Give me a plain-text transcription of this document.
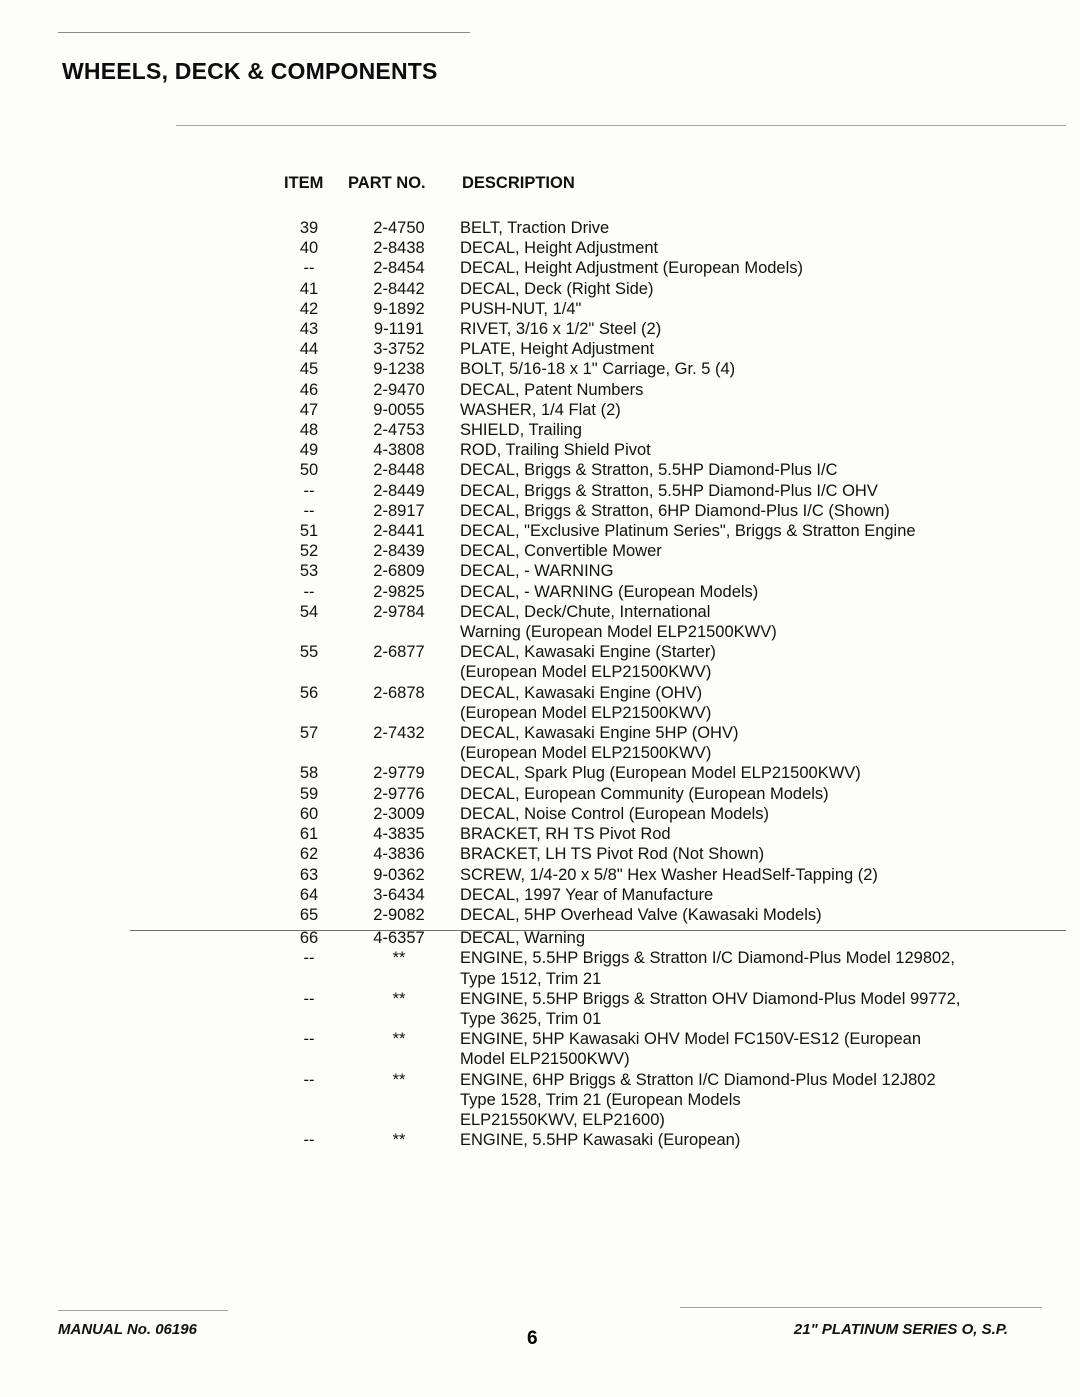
WHEELS, DECK & COMPONENTS
ITEM PART NO. DESCRIPTION
39	2-4750	BELT, Traction Drive
40	2-8438	DECAL, Height Adjustment
--	2-8454	DECAL, Height Adjustment (European Models)
41	2-8442	DECAL, Deck (Right Side)
42	9-1892	PUSH-NUT, 1/4"
43	9-1191	RIVET, 3/16 x 1/2" Steel (2)
44	3-3752	PLATE, Height Adjustment
45	9-1238	BOLT, 5/16-18 x 1" Carriage, Gr. 5 (4)
46	2-9470	DECAL, Patent Numbers
47	9-0055	WASHER, 1/4 Flat (2)
48	2-4753	SHIELD, Trailing
49	4-3808	ROD, Trailing Shield Pivot
50	2-8448	DECAL, Briggs & Stratton, 5.5HP Diamond-Plus I/C
--	2-8449	DECAL, Briggs & Stratton, 5.5HP Diamond-Plus I/C OHV
--	2-8917	DECAL, Briggs & Stratton, 6HP Diamond-Plus I/C (Shown)
51	2-8441	DECAL, "Exclusive Platinum Series", Briggs & Stratton Engine
52	2-8439	DECAL, Convertible Mower
53	2-6809	DECAL, - WARNING
--	2-9825	DECAL, - WARNING (European Models)
54	2-9784	DECAL, Deck/Chute, International
Warning (European Model ELP21500KWV)
55	2-6877	DECAL, Kawasaki Engine (Starter)
(European Model ELP21500KWV)
56	2-6878	DECAL, Kawasaki Engine (OHV)
(European Model ELP21500KWV)
57	2-7432	DECAL, Kawasaki Engine 5HP (OHV)
(European Model ELP21500KWV)
58	2-9779	DECAL, Spark Plug (European Model ELP21500KWV)
59	2-9776	DECAL, European Community (European Models)
60	2-3009	DECAL, Noise Control (European Models)
61	4-3835	BRACKET, RH TS Pivot Rod
62	4-3836	BRACKET, LH TS Pivot Rod (Not Shown)
63	9-0362	SCREW, 1/4-20 x 5/8" Hex Washer HeadSelf-Tapping (2)
64	3-6434	DECAL, 1997 Year of Manufacture
65	2-9082	DECAL, 5HP Overhead Valve (Kawasaki Models)
66	4-6357	DECAL, Warning
--	**	ENGINE, 5.5HP Briggs & Stratton I/C Diamond-Plus Model 129802,
Type 1512, Trim 21
--	**	ENGINE, 5.5HP Briggs & Stratton OHV Diamond-Plus Model 99772,
Type 3625, Trim 01
--	**	ENGINE, 5HP Kawasaki OHV Model FC150V-ES12 (European
Model ELP21500KWV)
--	**	ENGINE, 6HP Briggs & Stratton I/C Diamond-Plus Model 12J802
Type 1528, Trim 21 (European Models
ELP21550KWV, ELP21600)
--	**	ENGINE, 5.5HP Kawasaki (European)
MANUAL No. 06196	6	21" PLATINUM SERIES O, S.P.
